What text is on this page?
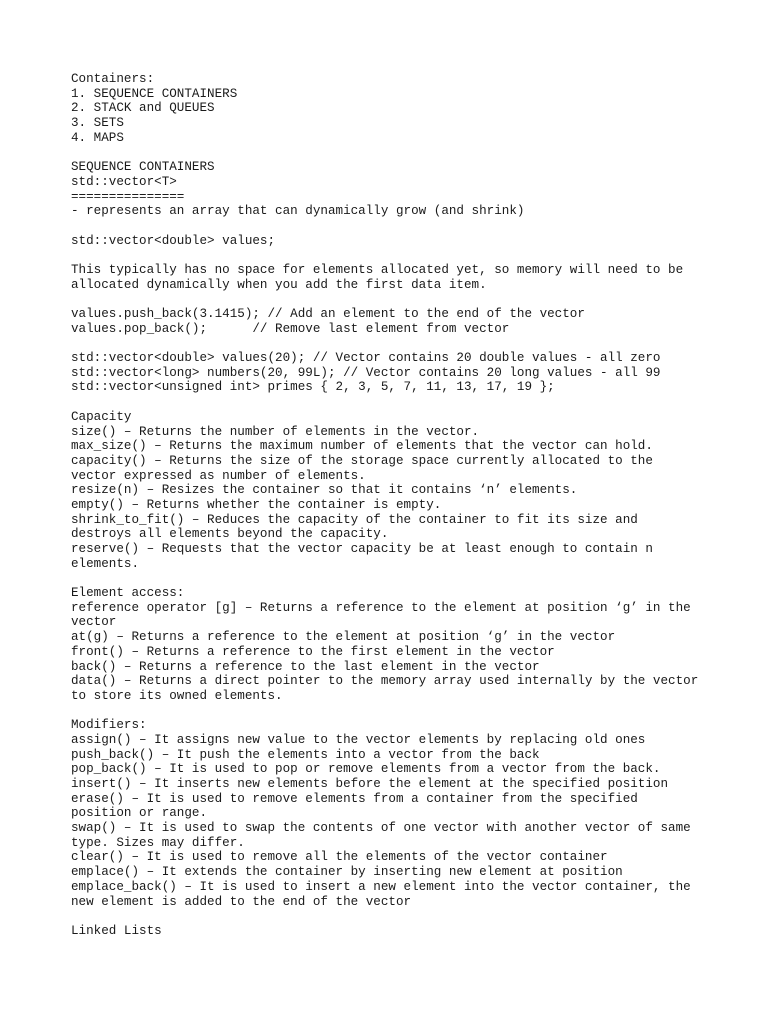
Containers:
1. SEQUENCE CONTAINERS
2. STACK and QUEUES
3. SETS
4. MAPS
SEQUENCE CONTAINERS
std::vector<T>
===============
- represents an array that can dynamically grow (and shrink)
std::vector<double> values;
This typically has no space for elements allocated yet, so memory will need to be
allocated dynamically when you add the first data item.
values.push_back(3.1415); // Add an element to the end of the vector
values.pop_back();      // Remove last element from vector
std::vector<double> values(20); // Vector contains 20 double values - all zero
std::vector<long> numbers(20, 99L); // Vector contains 20 long values - all 99
std::vector<unsigned int> primes { 2, 3, 5, 7, 11, 13, 17, 19 };
Capacity
size() – Returns the number of elements in the vector.
max_size() – Returns the maximum number of elements that the vector can hold.
capacity() – Returns the size of the storage space currently allocated to the
vector expressed as number of elements.
resize(n) – Resizes the container so that it contains ‘n’ elements.
empty() – Returns whether the container is empty.
shrink_to_fit() – Reduces the capacity of the container to fit its size and
destroys all elements beyond the capacity.
reserve() – Requests that the vector capacity be at least enough to contain n
elements.
Element access:
reference operator [g] – Returns a reference to the element at position ‘g’ in the
vector
at(g) – Returns a reference to the element at position ‘g’ in the vector
front() – Returns a reference to the first element in the vector
back() – Returns a reference to the last element in the vector
data() – Returns a direct pointer to the memory array used internally by the vector
to store its owned elements.
Modifiers:
assign() – It assigns new value to the vector elements by replacing old ones
push_back() – It push the elements into a vector from the back
pop_back() – It is used to pop or remove elements from a vector from the back.
insert() – It inserts new elements before the element at the specified position
erase() – It is used to remove elements from a container from the specified
position or range.
swap() – It is used to swap the contents of one vector with another vector of same
type. Sizes may differ.
clear() – It is used to remove all the elements of the vector container
emplace() – It extends the container by inserting new element at position
emplace_back() – It is used to insert a new element into the vector container, the
new element is added to the end of the vector
Linked Lists
